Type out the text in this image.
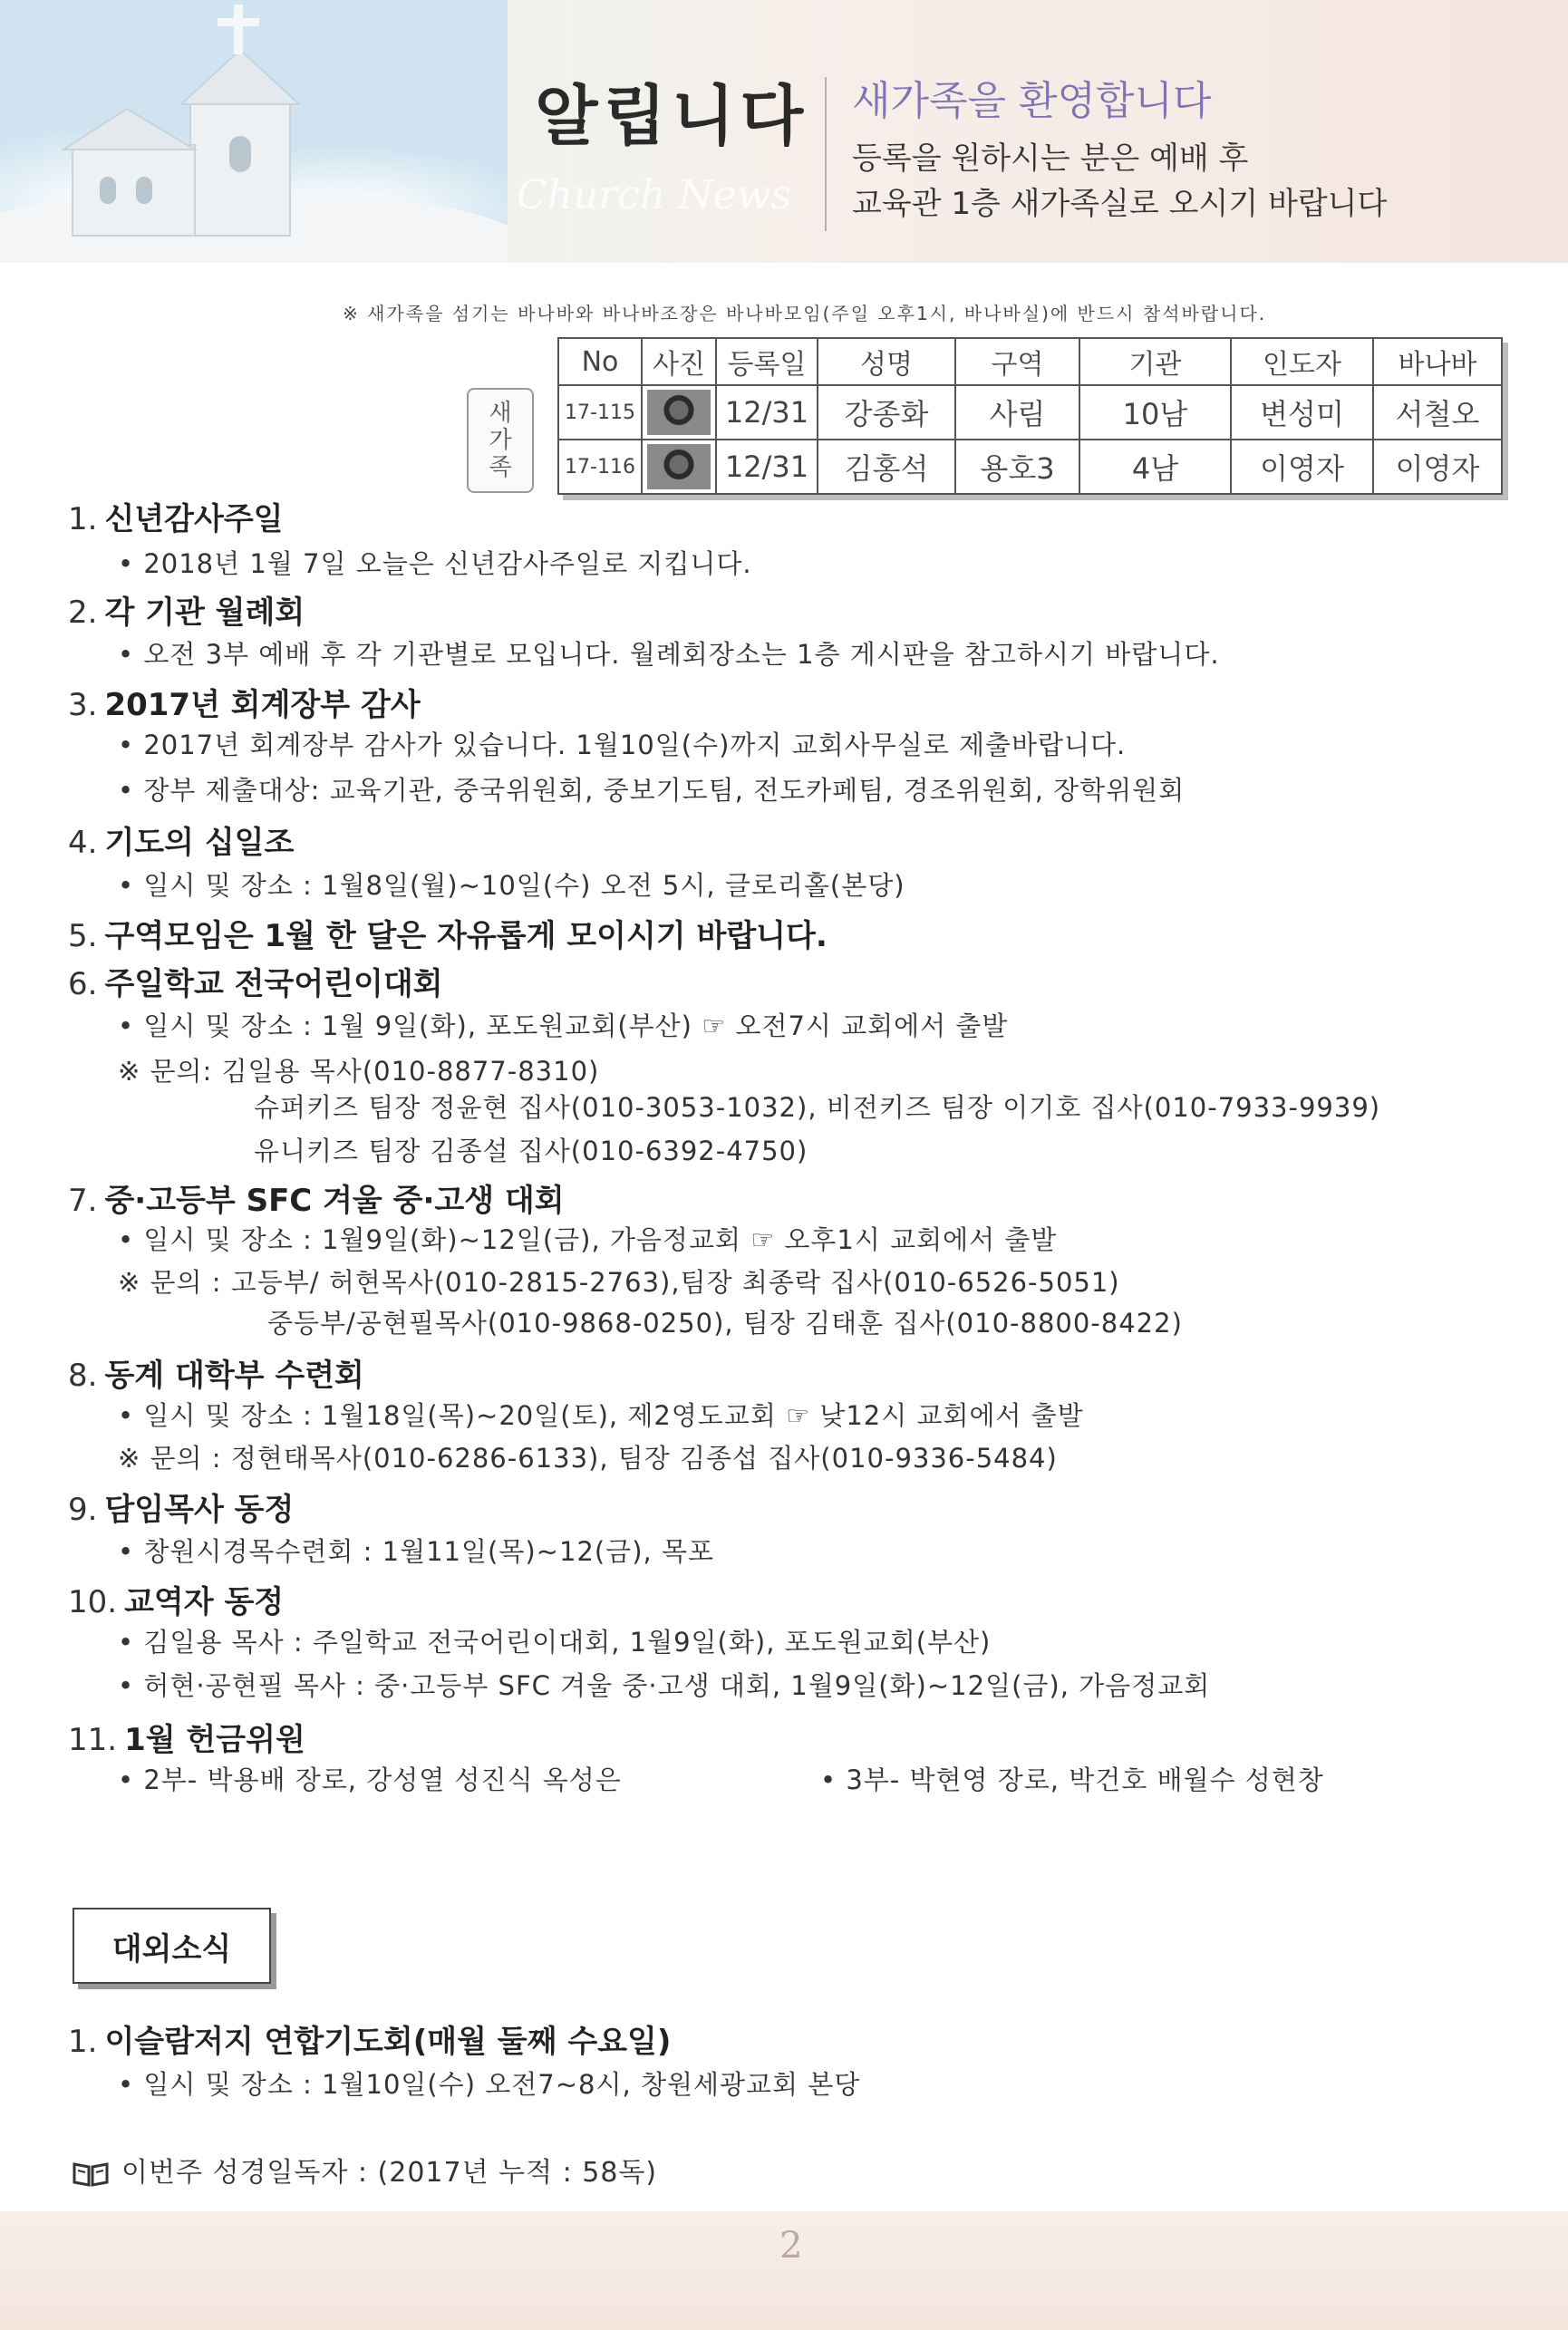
알립니다
Church News
새가족을 환영합니다
등록을 원하시는 분은 예배 후
교육관 1층 새가족실로 오시기 바랍니다
※ 새가족을 섬기는 바나바와 바나바조장은 바나바모임(주일 오후1시, 바나바실)에 반드시 참석바랍니다.
새
가
족
No	사진	등록일	성명	구역	기관	인도자	바나바
17-115		12/31	강종화	사림	10남	변성미	서철오
17-116		12/31	김홍석	용호3	4남	이영자	이영자
1. 신년감사주일
• 2018년 1월 7일 오늘은 신년감사주일로 지킵니다.
2. 각 기관 월례회
• 오전 3부 예배 후 각 기관별로 모입니다. 월례회장소는 1층 게시판을 참고하시기 바랍니다.
3. 2017년 회계장부 감사
• 2017년 회계장부 감사가 있습니다. 1월10일(수)까지 교회사무실로 제출바랍니다.
• 장부 제출대상: 교육기관, 중국위원회, 중보기도팀, 전도카페팀, 경조위원회, 장학위원회
4. 기도의 십일조
• 일시 및 장소 : 1월8일(월)~10일(수) 오전 5시, 글로리홀(본당)
5. 구역모임은 1월 한 달은 자유롭게 모이시기 바랍니다.
6. 주일학교 전국어린이대회
• 일시 및 장소 : 1월 9일(화), 포도원교회(부산) ☞ 오전7시 교회에서 출발
※ 문의: 김일용 목사(010-8877-8310)
슈퍼키즈 팀장 정윤현 집사(010-3053-1032), 비전키즈 팀장 이기호 집사(010-7933-9939)
유니키즈 팀장 김종설 집사(010-6392-4750)
7. 중·고등부 SFC 겨울 중·고생 대회
• 일시 및 장소 : 1월9일(화)~12일(금), 가음정교회 ☞ 오후1시 교회에서 출발
※ 문의 : 고등부/ 허현목사(010-2815-2763),팀장 최종락 집사(010-6526-5051)
중등부/공현필목사(010-9868-0250), 팀장 김태훈 집사(010-8800-8422)
8. 동계 대학부 수련회
• 일시 및 장소 : 1월18일(목)~20일(토), 제2영도교회 ☞ 낮12시 교회에서 출발
※ 문의 : 정현태목사(010-6286-6133), 팀장 김종섭 집사(010-9336-5484)
9. 담임목사 동정
• 창원시경목수련회 : 1월11일(목)~12(금), 목포
10. 교역자 동정
• 김일용 목사 : 주일학교 전국어린이대회, 1월9일(화), 포도원교회(부산)
• 허현·공현필 목사 : 중·고등부 SFC 겨울 중·고생 대회, 1월9일(화)~12일(금), 가음정교회
11. 1월 헌금위원
• 2부- 박용배 장로, 강성열 성진식 옥성은	• 3부- 박현영 장로, 박건호 배월수 성현창
대외소식
1. 이슬람저지 연합기도회(매월 둘째 수요일)
• 일시 및 장소 : 1월10일(수) 오전7~8시, 창원세광교회 본당
이번주 성경일독자 : (2017년 누적 : 58독)
2
